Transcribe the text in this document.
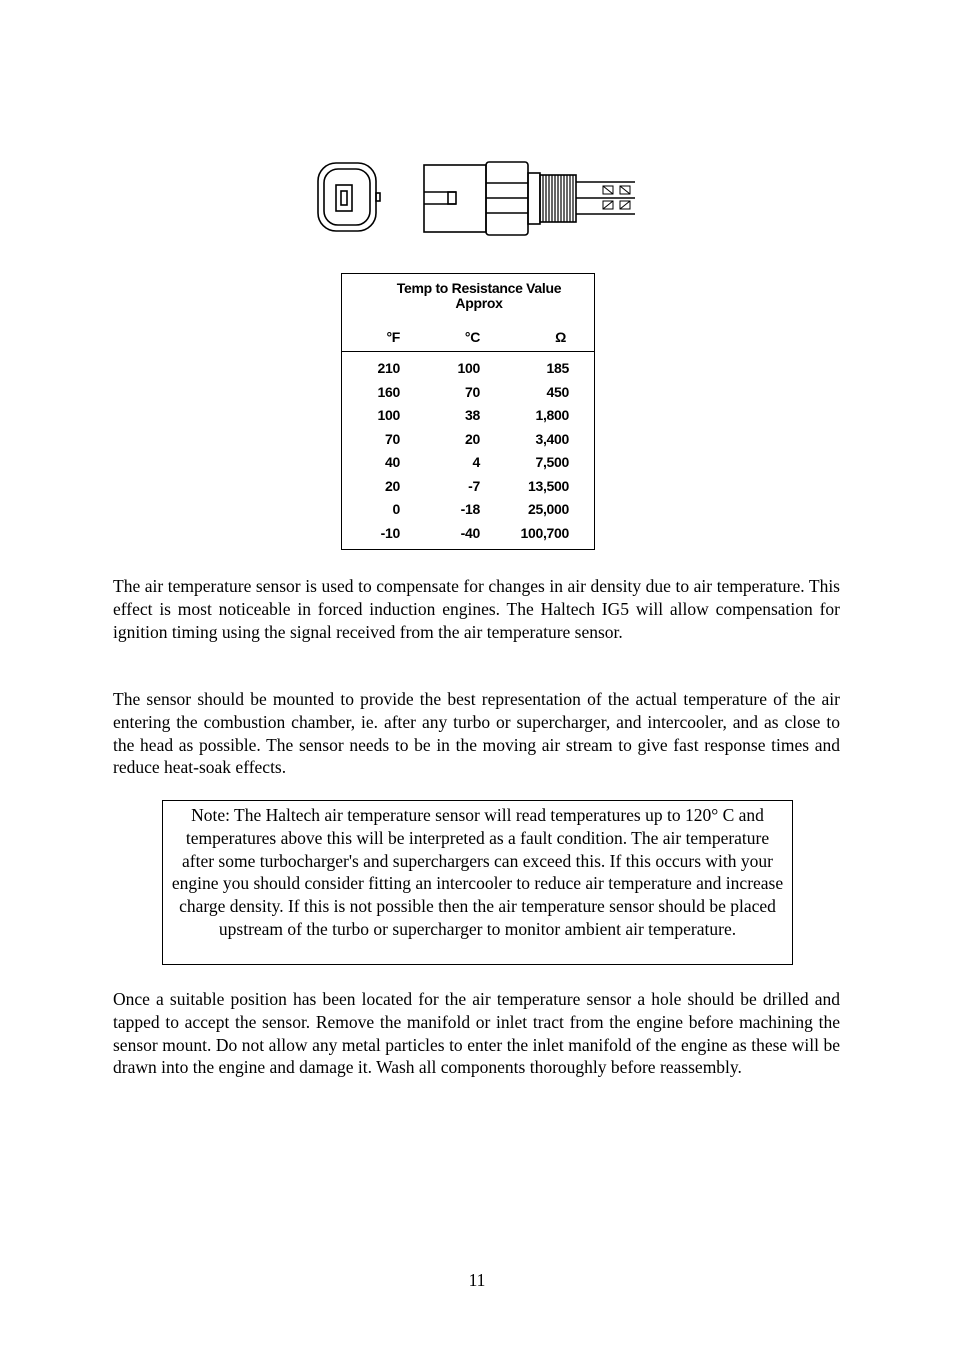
Temp to Resistance Value
Approx
°F	°C	Ω
210	100	185
160	70	450
100	38	1,800
70	20	3,400
40	4	7,500
20	-7	13,500
0	-18	25,000
-10	-40	100,700

The air temperature sensor is used to compensate for changes in air density due to air temperature. This effect is most noticeable in forced induction engines. The Haltech IG5 will allow compensation for ignition timing using the signal received from the air temperature sensor.

The sensor should be mounted to provide the best representation of the actual temperature of the air entering the combustion chamber, ie. after any turbo or supercharger, and intercooler, and as close to the head as possible. The sensor needs to be in the moving air stream to give fast response times and reduce heat-soak effects.

Note: The Haltech air temperature sensor will read temperatures up to 120° C and temperatures above this will be interpreted as a fault condition. The air temperature after some turbocharger's and superchargers can exceed this. If this occurs with your engine you should consider fitting an intercooler to reduce air temperature and increase charge density. If this is not possible then the air temperature sensor should be placed upstream of the turbo or supercharger to monitor ambient air temperature.

Once a suitable position has been located for the air temperature sensor a hole should be drilled and tapped to accept the sensor. Remove the manifold or inlet tract from the engine before machining the sensor mount. Do not allow any metal particles to enter the inlet manifold of the engine as these will be drawn into the engine and damage it. Wash all components thoroughly before reassembly.

11
